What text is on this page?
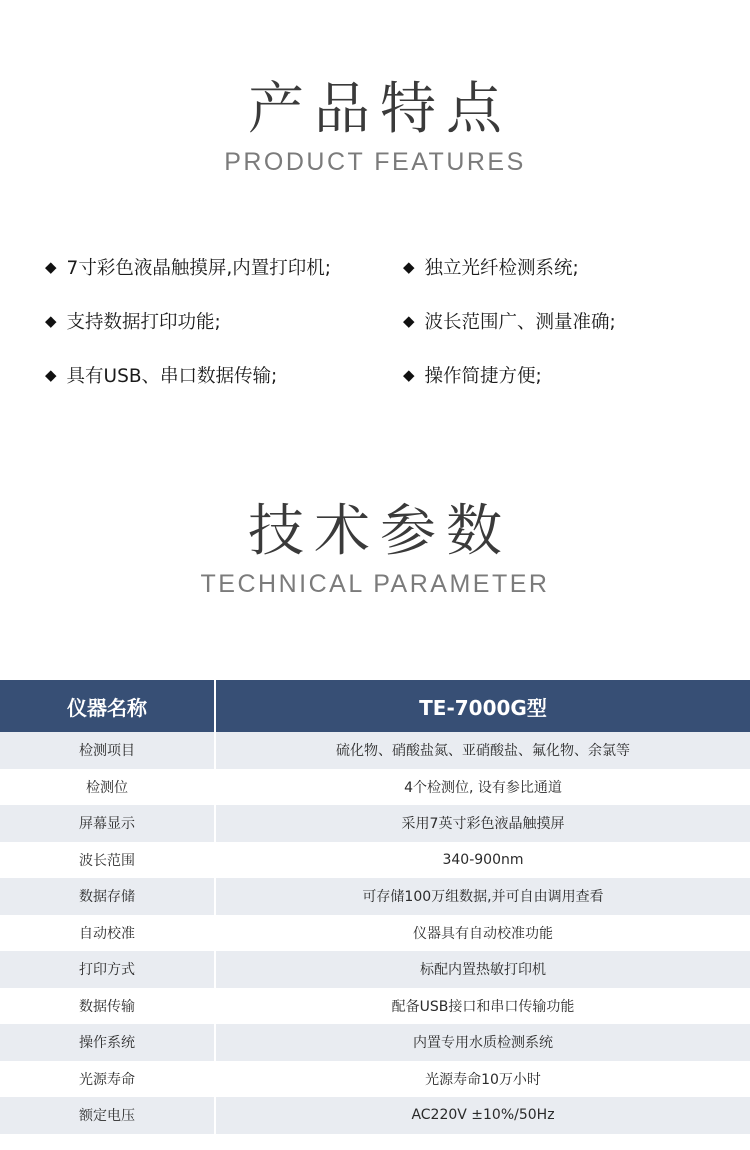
产品特点
PRODUCT FEATURES
◆ 7寸彩色液晶触摸屏,内置打印机;
◆ 支持数据打印功能;
◆ 具有USB、串口数据传输;
◆ 独立光纤检测系统;
◆ 波长范围广、测量准确;
◆ 操作简捷方便;
技术参数
TECHNICAL PARAMETER
仪器名称	TE-7000G型
检测项目	硫化物、硝酸盐氮、亚硝酸盐、氟化物、余氯等
检测位	4个检测位, 设有参比通道
屏幕显示	采用7英寸彩色液晶触摸屏
波长范围	340-900nm
数据存储	可存储100万组数据,并可自由调用查看
自动校准	仪器具有自动校准功能
打印方式	标配内置热敏打印机
数据传输	配备USB接口和串口传输功能
操作系统	内置专用水质检测系统
光源寿命	光源寿命10万小时
额定电压	AC220V ±10%/50Hz
